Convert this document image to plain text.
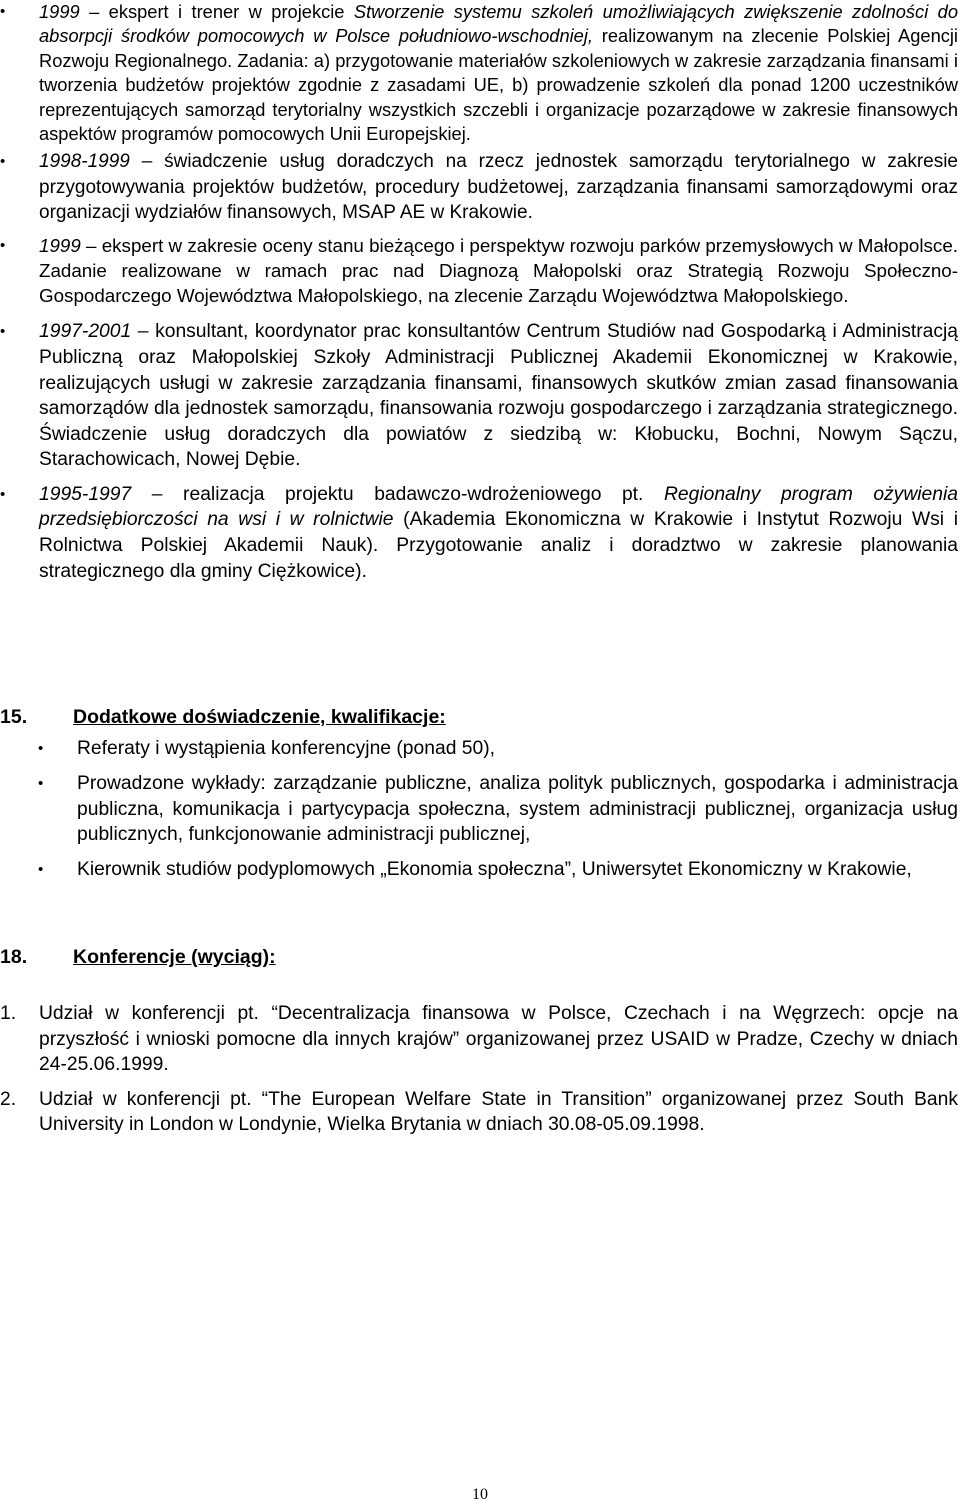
•	1999 – ekspert i trener w projekcie Stworzenie systemu szkoleń umożliwiających zwiększenie zdolności do absorpcji środków pomocowych w Polsce południowo-wschodniej, realizowanym na zlecenie Polskiej Agencji Rozwoju Regionalnego. Zadania: a) przygotowanie materiałów szkoleniowych w zakresie zarządzania finansami i tworzenia budżetów projektów zgodnie z zasadami UE, b) prowadzenie szkoleń dla ponad 1200 uczestników reprezentujących samorząd terytorialny wszystkich szczebli i organizacje pozarządowe w zakresie finansowych aspektów programów pomocowych Unii Europejskiej.
•	1998-1999 – świadczenie usług doradczych na rzecz jednostek samorządu terytorialnego w zakresie przygotowywania projektów budżetów, procedury budżetowej, zarządzania finansami samorządowymi oraz organizacji wydziałów finansowych, MSAP AE w Krakowie.
•	1999 – ekspert w zakresie oceny stanu bieżącego i perspektyw rozwoju parków przemysłowych w Małopolsce. Zadanie realizowane w ramach prac nad Diagnozą Małopolski oraz Strategią Rozwoju Społeczno-Gospodarczego Województwa Małopolskiego, na zlecenie Zarządu Województwa Małopolskiego.
•	1997-2001 – konsultant, koordynator prac konsultantów Centrum Studiów nad Gospodarką i Administracją Publiczną oraz Małopolskiej Szkoły Administracji Publicznej Akademii Ekonomicznej w Krakowie, realizujących usługi w zakresie zarządzania finansami, finansowych skutków zmian zasad finansowania samorządów dla jednostek samorządu, finansowania rozwoju gospodarczego i zarządzania strategicznego. Świadczenie usług doradczych dla powiatów z siedzibą w: Kłobucku, Bochni, Nowym Sączu, Starachowicach, Nowej Dębie.
•	1995-1997 – realizacja projektu badawczo-wdrożeniowego pt. Regionalny program ożywienia przedsiębiorczości na wsi i w rolnictwie (Akademia Ekonomiczna w Krakowie i Instytut Rozwoju Wsi i Rolnictwa Polskiej Akademii Nauk). Przygotowanie analiz i doradztwo w zakresie planowania strategicznego dla gminy Ciężkowice).
15. Dodatkowe doświadczenie, kwalifikacje:
•	Referaty i wystąpienia konferencyjne (ponad 50),
•	Prowadzone wykłady: zarządzanie publiczne, analiza polityk publicznych, gospodarka i administracja publiczna, komunikacja i partycypacja społeczna, system administracji publicznej, organizacja usług publicznych, funkcjonowanie administracji publicznej,
•	Kierownik studiów podyplomowych „Ekonomia społeczna”, Uniwersytet Ekonomiczny w Krakowie,
18. Konferencje (wyciąg):
1. Udział w konferencji pt. “Decentralizacja finansowa w Polsce, Czechach i na Węgrzech: opcje na przyszłość i wnioski pomocne dla innych krajów” organizowanej przez USAID w Pradze, Czechy w dniach 24-25.06.1999.
2. Udział w konferencji pt. “The European Welfare State in Transition” organizowanej przez South Bank University in London w Londynie, Wielka Brytania w dniach 30.08-05.09.1998.
10
